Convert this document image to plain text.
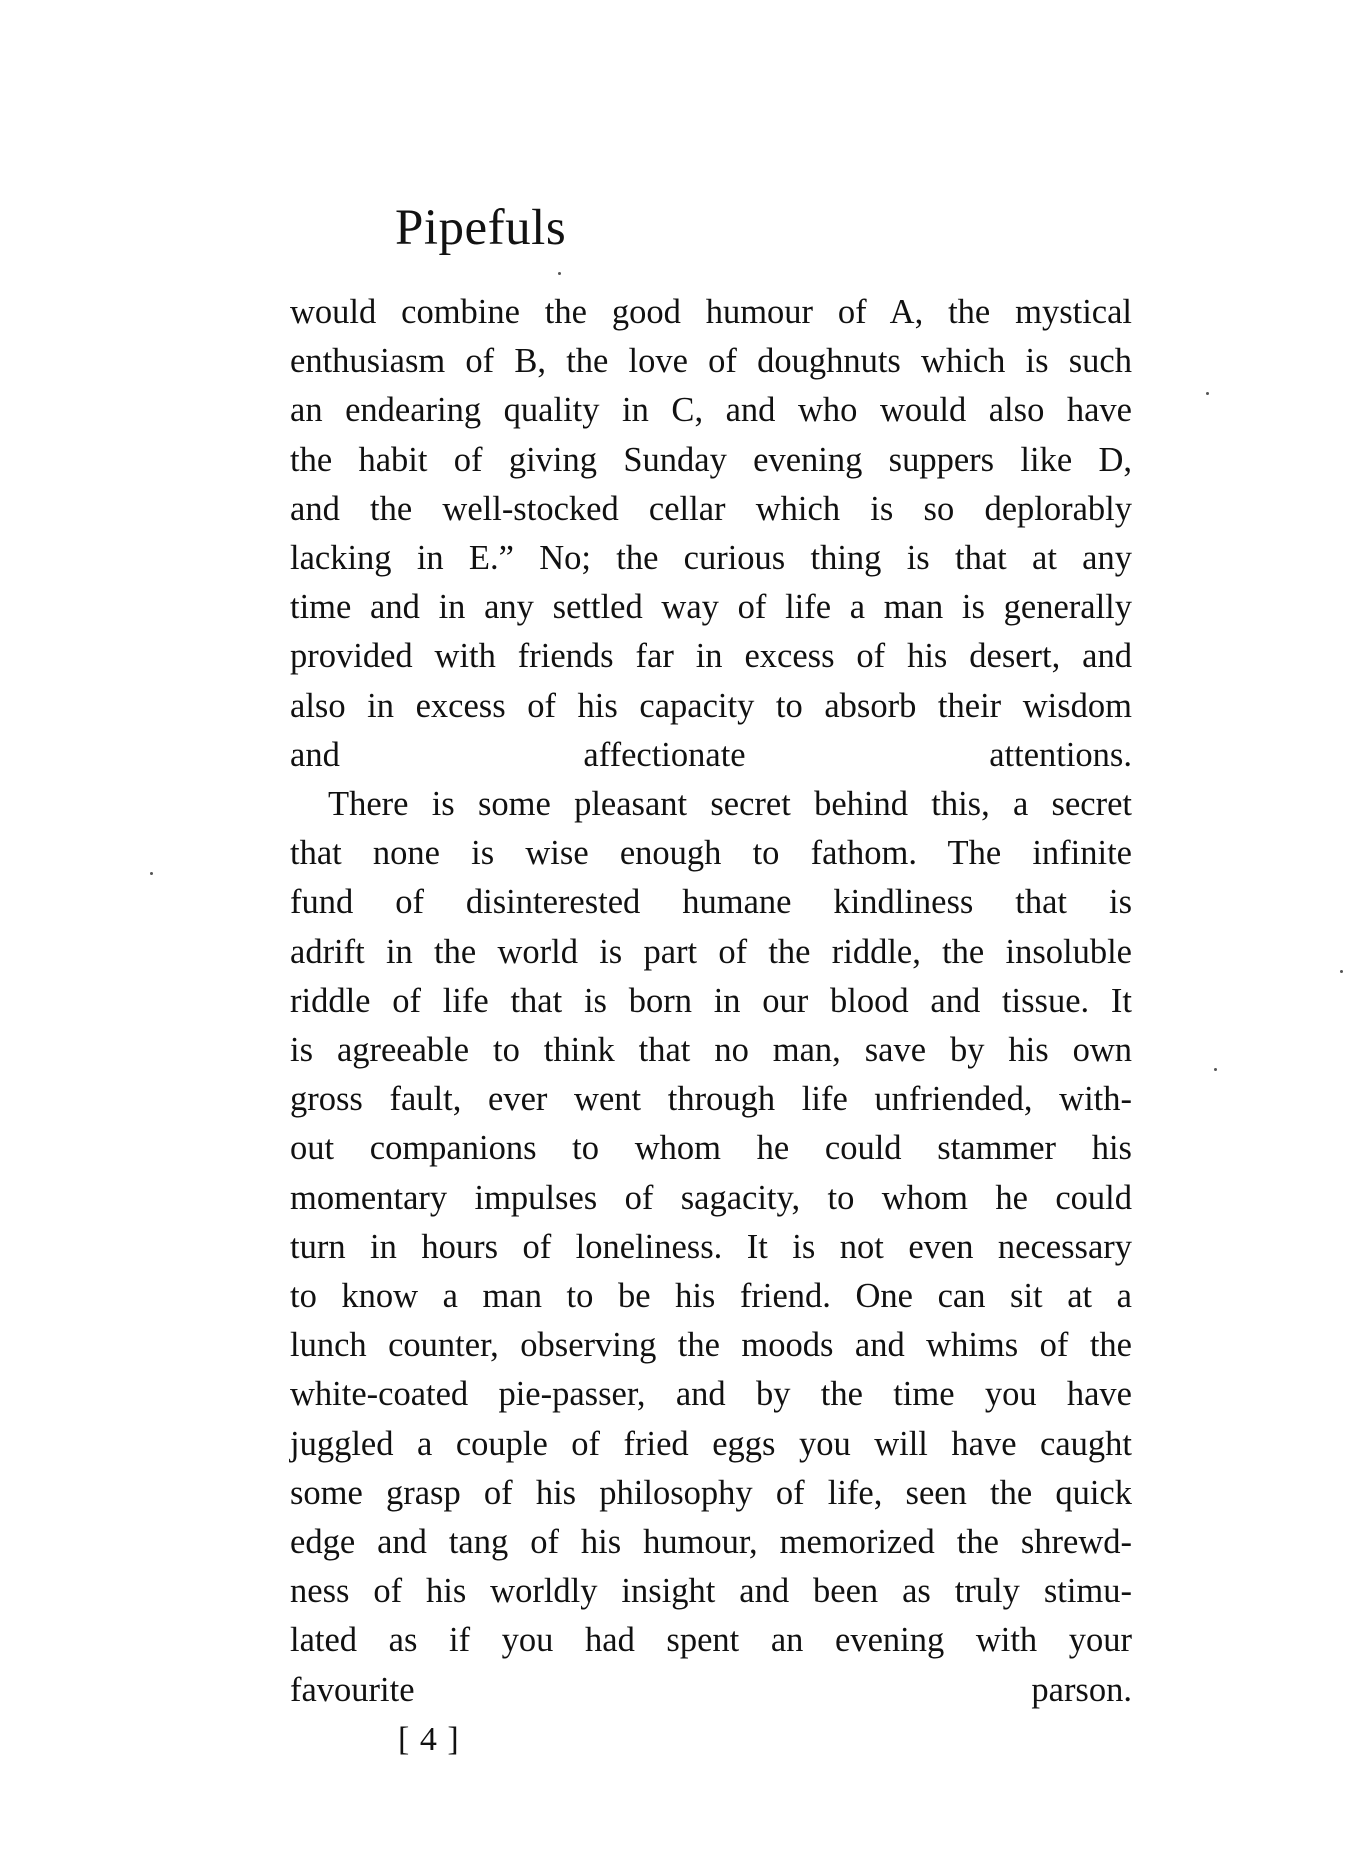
Pipefuls

would combine the good humour of A, the mystical
enthusiasm of B, the love of doughnuts which is such
an endearing quality in C, and who would also have
the habit of giving Sunday evening suppers like D,
and the well-stocked cellar which is so deplorably
lacking in E.” No; the curious thing is that at any
time and in any settled way of life a man is generally
provided with friends far in excess of his desert, and
also in excess of his capacity to absorb their wisdom
and affectionate attentions.

There is some pleasant secret behind this, a secret
that none is wise enough to fathom. The infinite
fund of disinterested humane kindliness that is
adrift in the world is part of the riddle, the insoluble
riddle of life that is born in our blood and tissue. It
is agreeable to think that no man, save by his own
gross fault, ever went through life unfriended, with-
out companions to whom he could stammer his
momentary impulses of sagacity, to whom he could
turn in hours of loneliness. It is not even necessary
to know a man to be his friend. One can sit at a
lunch counter, observing the moods and whims of the
white-coated pie-passer, and by the time you have
juggled a couple of fried eggs you will have caught
some grasp of his philosophy of life, seen the quick
edge and tang of his humour, memorized the shrewd-
ness of his worldly insight and been as truly stimu-
lated as if you had spent an evening with your
favourite parson.

[ 4 ]
